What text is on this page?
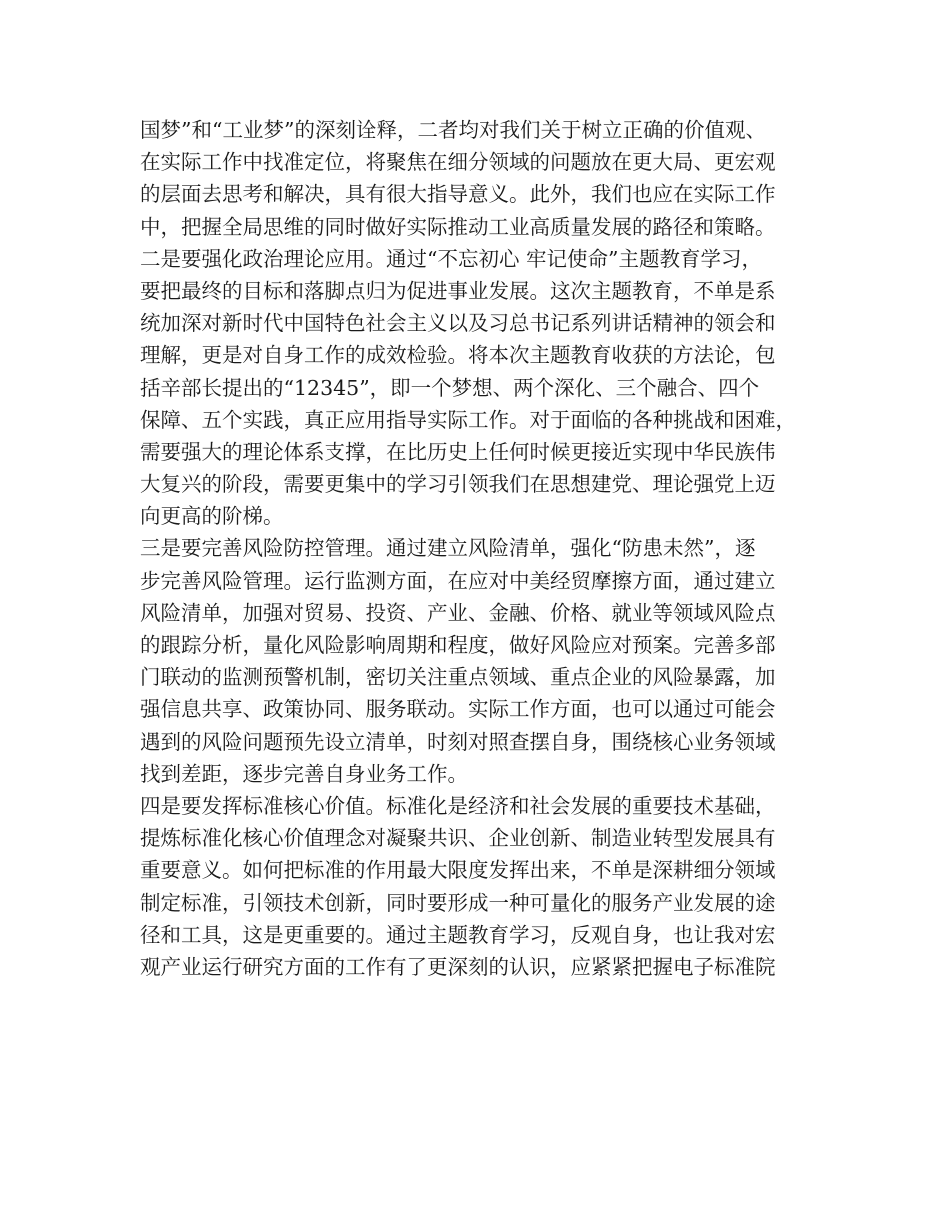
国梦”和“工业梦”的深刻诠释，二者均对我们关于树立正确的价值观、
在实际工作中找准定位，将聚焦在细分领域的问题放在更大局、更宏观
的层面去思考和解决，具有很大指导意义。此外，我们也应在实际工作
中，把握全局思维的同时做好实际推动工业高质量发展的路径和策略。
二是要强化政治理论应用。通过“不忘初心 牢记使命”主题教育学习，
要把最终的目标和落脚点归为促进事业发展。这次主题教育，不单是系
统加深对新时代中国特色社会主义以及习总书记系列讲话精神的领会和
理解，更是对自身工作的成效检验。将本次主题教育收获的方法论，包
括辛部长提出的“12345”，即一个梦想、两个深化、三个融合、四个
保障、五个实践，真正应用指导实际工作。对于面临的各种挑战和困难，
需要强大的理论体系支撑，在比历史上任何时候更接近实现中华民族伟
大复兴的阶段，需要更集中的学习引领我们在思想建党、理论强党上迈
向更高的阶梯。
三是要完善风险防控管理。通过建立风险清单，强化“防患未然”，逐
步完善风险管理。运行监测方面，在应对中美经贸摩擦方面，通过建立
风险清单，加强对贸易、投资、产业、金融、价格、就业等领域风险点
的跟踪分析，量化风险影响周期和程度，做好风险应对预案。完善多部
门联动的监测预警机制，密切关注重点领域、重点企业的风险暴露，加
强信息共享、政策协同、服务联动。实际工作方面，也可以通过可能会
遇到的风险问题预先设立清单，时刻对照查摆自身，围绕核心业务领域
找到差距，逐步完善自身业务工作。
四是要发挥标准核心价值。标准化是经济和社会发展的重要技术基础，
提炼标准化核心价值理念对凝聚共识、企业创新、制造业转型发展具有
重要意义。如何把标准的作用最大限度发挥出来，不单是深耕细分领域
制定标准，引领技术创新，同时要形成一种可量化的服务产业发展的途
径和工具，这是更重要的。通过主题教育学习，反观自身，也让我对宏
观产业运行研究方面的工作有了更深刻的认识，应紧紧把握电子标准院
